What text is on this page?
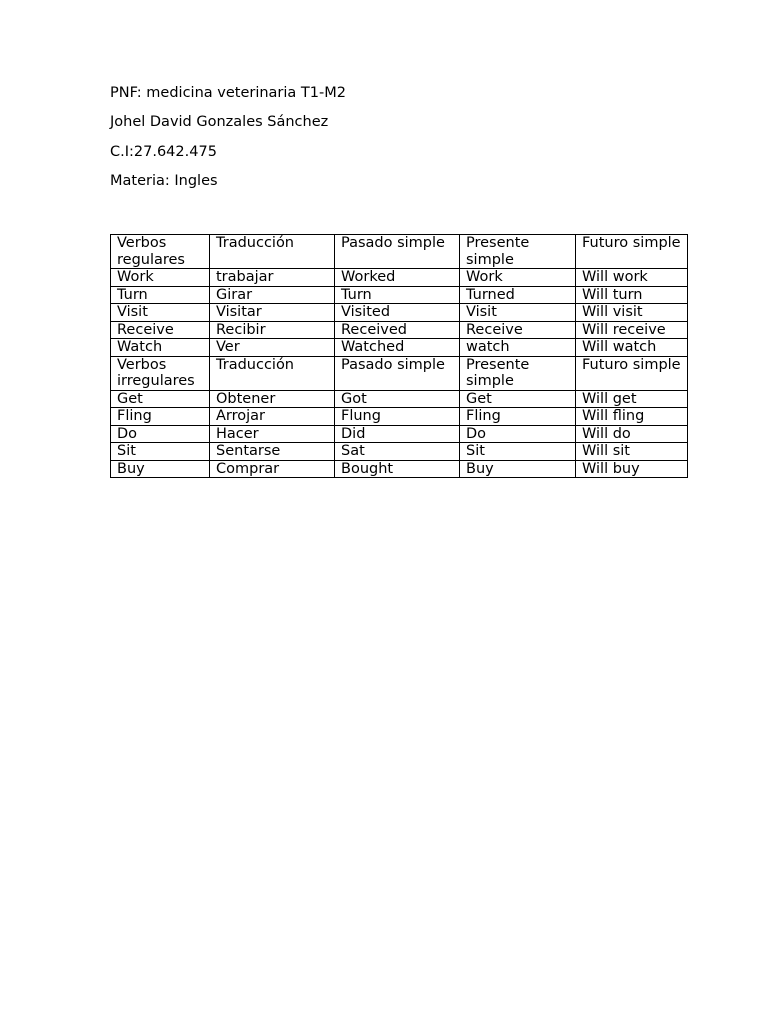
PNF: medicina veterinaria T1-M2
Johel David Gonzales Sánchez
C.I:27.642.475
Materia: Ingles
Verbos regulares	Traducción	Pasado simple	Presente simple	Futuro simple
Work	trabajar	Worked	Work	Will work
Turn	Girar	Turn	Turned	Will turn
Visit	Visitar	Visited	Visit	Will visit
Receive	Recibir	Received	Receive	Will receive
Watch	Ver	Watched	watch	Will watch
Verbos irregulares	Traducción	Pasado simple	Presente simple	Futuro simple
Get	Obtener	Got	Get	Will get
Fling	Arrojar	Flung	Fling	Will fling
Do	Hacer	Did	Do	Will do
Sit	Sentarse	Sat	Sit	Will sit
Buy	Comprar	Bought	Buy	Will buy
